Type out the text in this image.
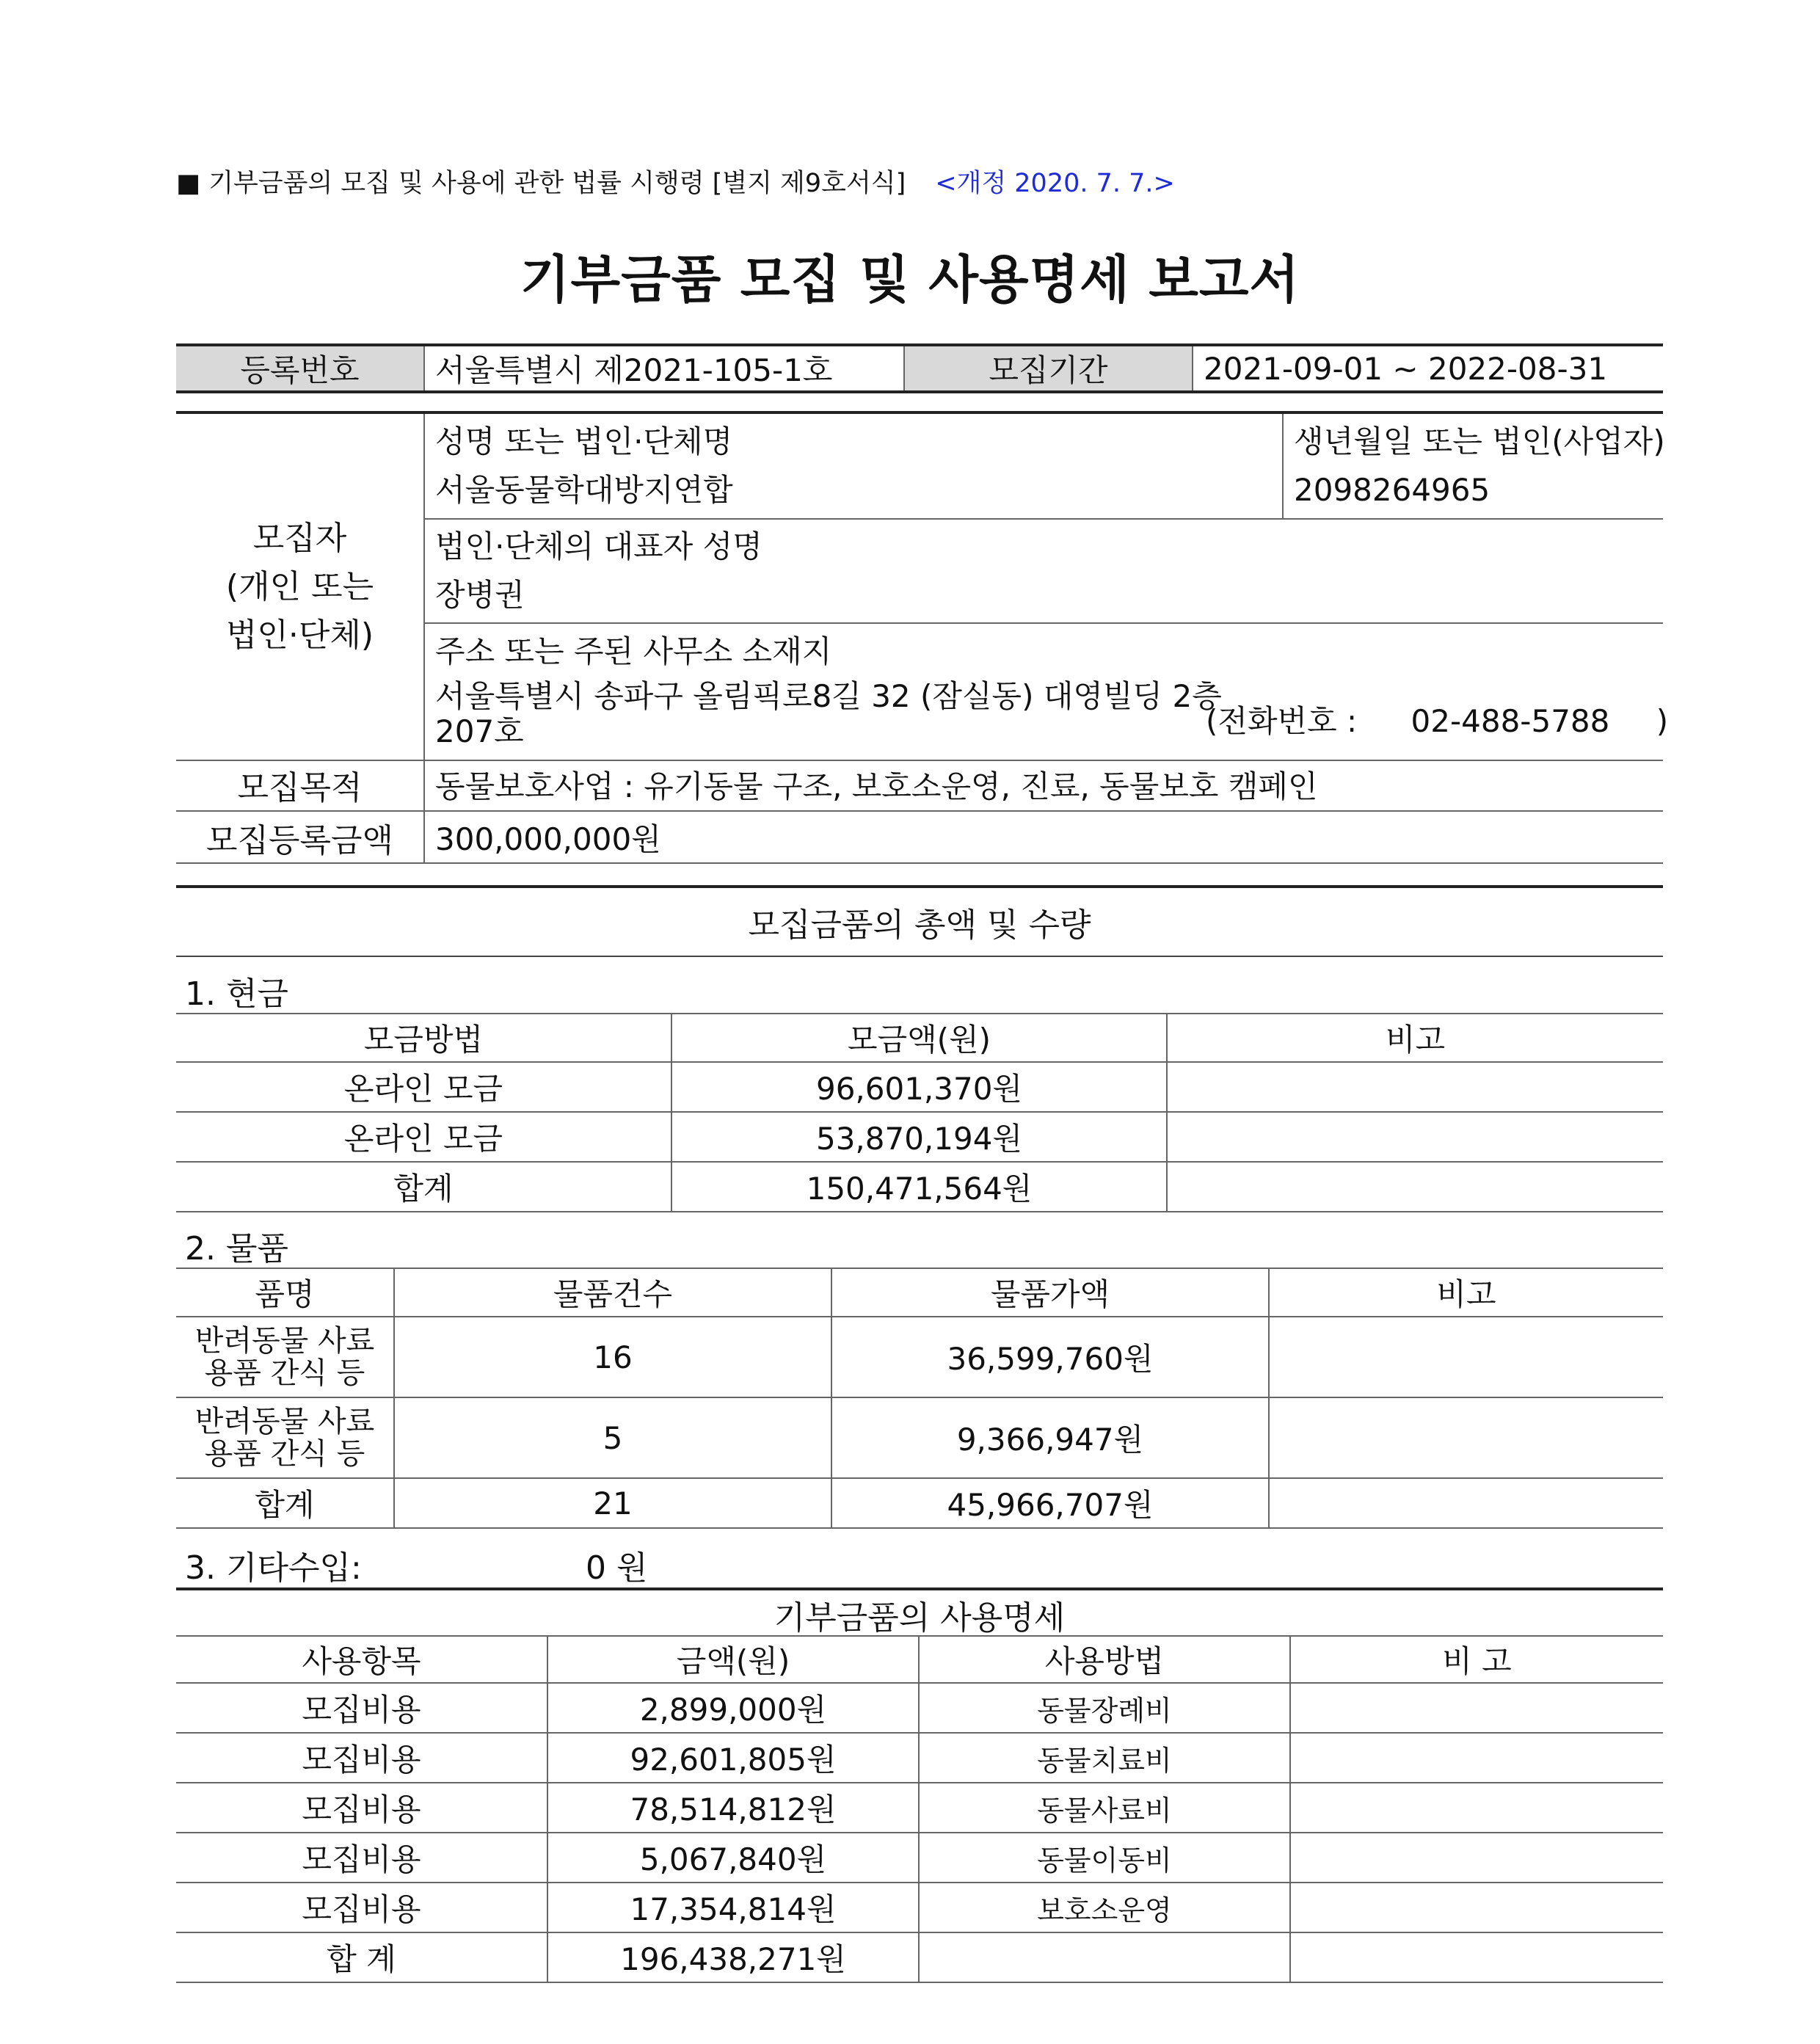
■ 기부금품의 모집 및 사용에 관한 법률 시행령 [별지 제9호서식] <개정 2020. 7. 7.>
기부금품 모집 및 사용명세 보고서
등록번호	서울특별시 제2021-105-1호	모집기간	2021-09-01 ~ 2022-08-31
모집자
(개인 또는
법인·단체)

성명 또는 법인·단체명
서울동물학대방지연합

생년월일 또는 법인(사업자)
2098264965

법인·단체의 대표자 성명
장병권

주소 또는 주된 사무소 소재지
서울특별시 송파구 올림픽로8길 32 (잠실동) 대영빌딩 2층
207호	(전화번호 : 02-488-5788 )
모집목적	동물보호사업 : 유기동물 구조, 보호소운영, 진료, 동물보호 캠페인
모집등록금액	300,000,000원
모집금품의 총액 및 수량
1. 현금
모금방법	모금액(원)	비고
온라인 모금	96,601,370원	
온라인 모금	53,870,194원	
합계	150,471,564원	
2. 물품
품명	물품건수	물품가액	비고

반려동물 사료
용품 간식 등	16	36,599,760원	

반려동물 사료
용품 간식 등	5	9,366,947원	
합계	21	45,966,707원	
3. 기타수입:	0 원
기부금품의 사용명세
사용항목	금액(원)	사용방법	비 고
모집비용	2,899,000원	동물장례비	
모집비용	92,601,805원	동물치료비	
모집비용	78,514,812원	동물사료비	
모집비용	5,067,840원	동물이동비	
모집비용	17,354,814원	보호소운영	
합 계	196,438,271원		
